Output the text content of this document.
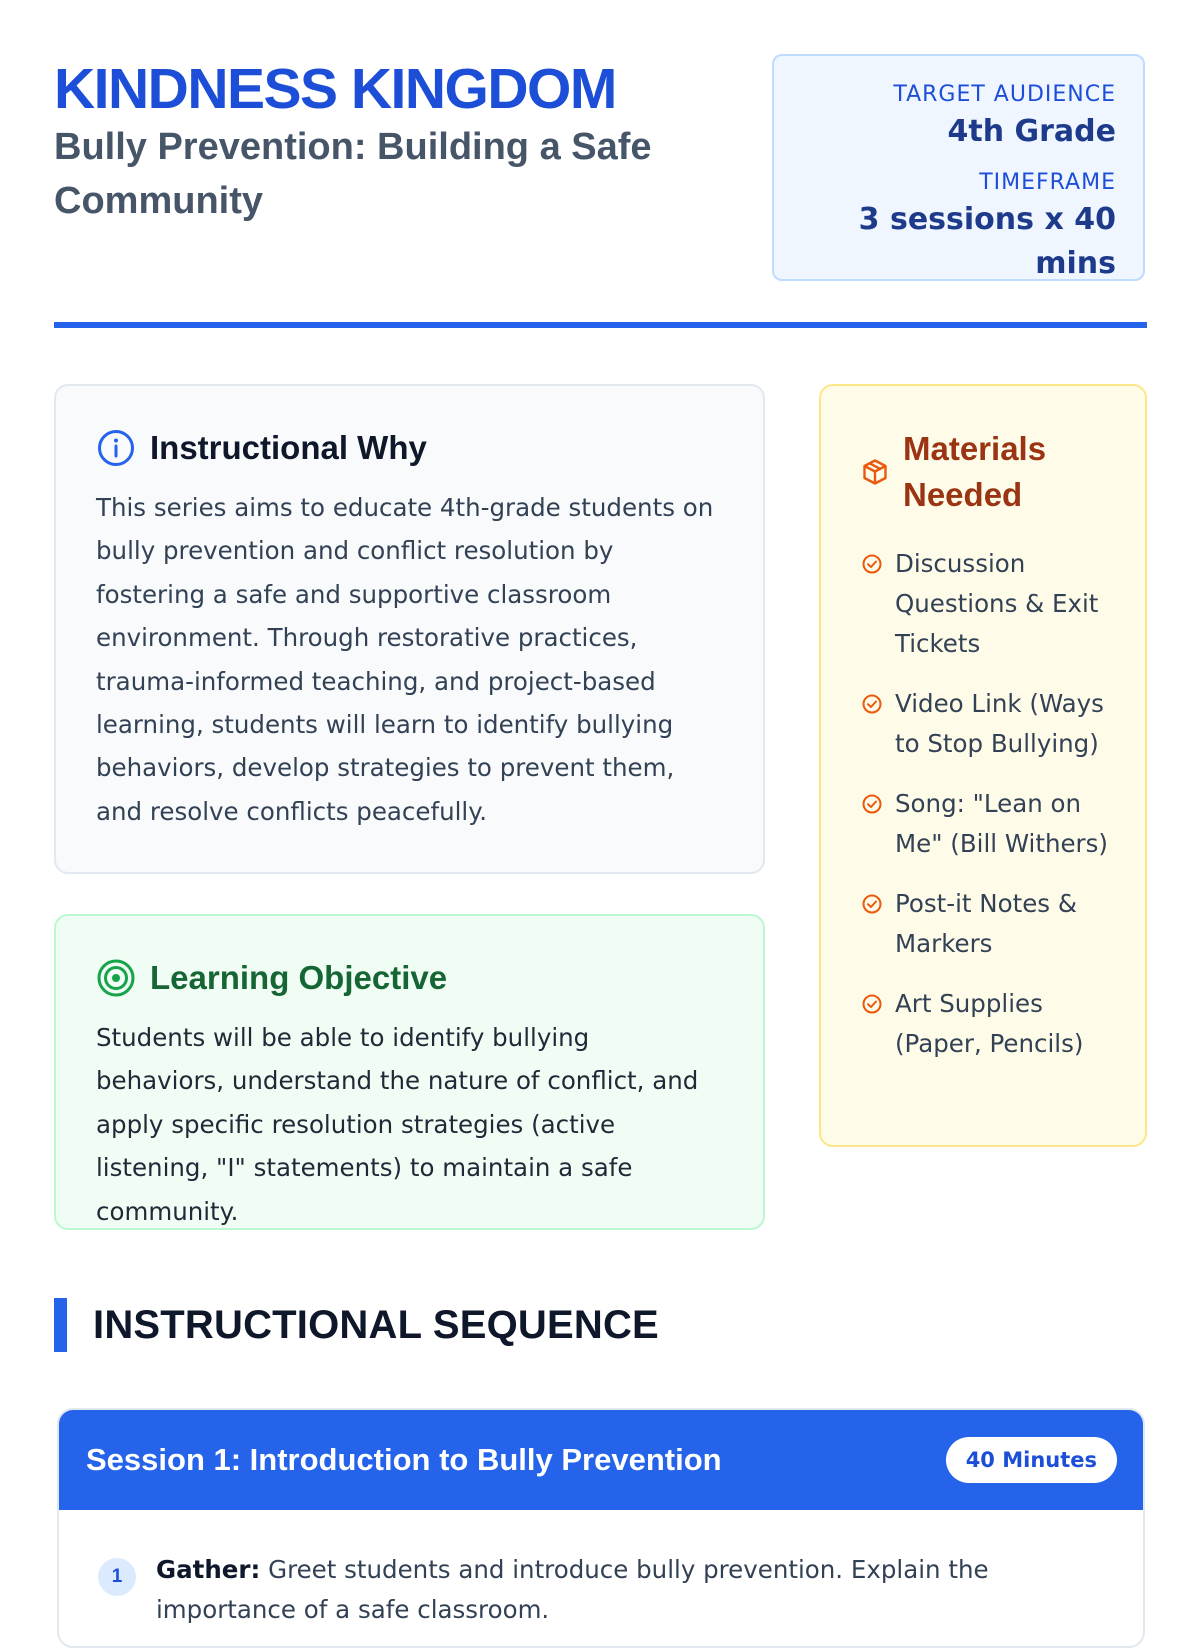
KINDNESS KINGDOM

Bully Prevention: Building a Safe Community

TARGET AUDIENCE
4th Grade
TIMEFRAME
3 sessions x 40 mins
Instructional Why

This series aims to educate 4th-grade students on bully prevention and conflict resolution by fostering a safe and supportive classroom environment. Through restorative practices, trauma-informed teaching, and project-based learning, students will learn to identify bullying behaviors, develop strategies to prevent them, and resolve conflicts peacefully.

Learning Objective

Students will be able to identify bullying behaviors, understand the nature of conflict, and apply specific resolution strategies (active listening, "I" statements) to maintain a safe community.

Materials Needed
Discussion Questions & Exit Tickets
Video Link (Ways to Stop Bullying)
Song: "Lean on Me" (Bill Withers)
Post-it Notes & Markers
Art Supplies (Paper, Pencils)
INSTRUCTIONAL SEQUENCE
Session 1: Introduction to Bully Prevention	40 Minutes
1	Gather: Greet students and introduce bully prevention. Explain the importance of a safe classroom.
